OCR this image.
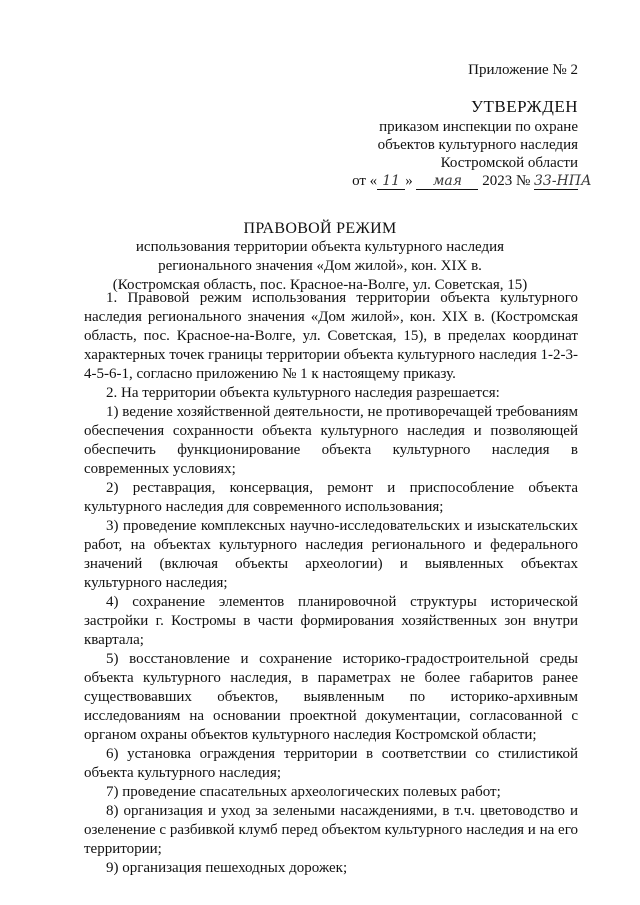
Приложение № 2
УТВЕРЖДЕН
приказом инспекции по охране
объектов культурного наследия
Костромской области
от « 11 » мая 2023 № 33-НПА
ПРАВОВОЙ РЕЖИМ
использования территории объекта культурного наследия
регионального значения «Дом жилой», кон. XIX в.
(Костромская область, пос. Красное-на-Волге, ул. Советская, 15)

1. Правовой режим использования территории объекта культурного наследия регионального значения «Дом жилой», кон. XIX в. (Костромская область, пос. Красное-на-Волге, ул. Советская, 15), в пределах координат характерных точек границы территории объекта культурного наследия 1-2-3-4-5-6-1, согласно приложению № 1 к настоящему приказу.

2. На территории объекта культурного наследия разрешается:

1) ведение хозяйственной деятельности, не противоречащей требованиям обеспечения сохранности объекта культурного наследия и позволяющей обеспечить функционирование объекта культурного наследия в современных условиях;

2) реставрация, консервация, ремонт и приспособление объекта культурного наследия для современного использования;

3) проведение комплексных научно-исследовательских и изыскательских работ, на объектах культурного наследия регионального и федерального значений (включая объекты археологии) и выявленных объектах культурного наследия;

4) сохранение элементов планировочной структуры исторической застройки г. Костромы в части формирования хозяйственных зон внутри квартала;

5) восстановление и сохранение историко-градостроительной среды объекта культурного наследия, в параметрах не более габаритов ранее существовавших объектов, выявленным по историко-архивным исследованиям на основании проектной документации, согласованной с органом охраны объектов культурного наследия Костромской области;

6) установка ограждения территории в соответствии со стилистикой объекта культурного наследия;

7) проведение спасательных археологических полевых работ;

8) организация и уход за зелеными насаждениями, в т.ч. цветоводство и озеленение с разбивкой клумб перед объектом культурного наследия и на его территории;

9) организация пешеходных дорожек;
